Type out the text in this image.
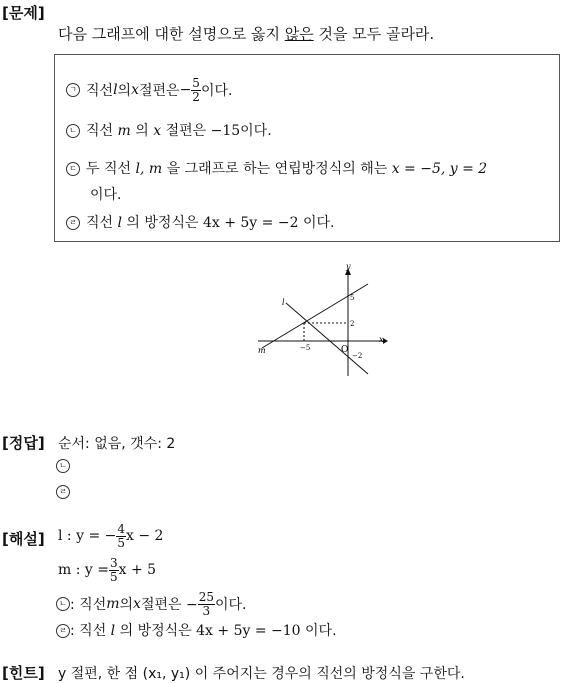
[문제]
다음 그래프에 대한 설명으로 옳지 않은 것을 모두 골라라.
ㄱ 직선 l 의 x 절편은 − $\frac{5}{2}$ 이다.
ㄴ 직선 m 의 x 절편은 −15이다.
ㄷ 두 직선 l, m 을 그래프로 하는 연립방정식의 해는 x = −5, y = 2
이다.
ㄹ 직선 l 의 방정식은 4x + 5y = −2 이다.
y
x
O
l
m
5
2
−5
−2
[정답] 순서: 없음, 갯수: 2
ㄴ
ㄹ
[해설] l : y = − $\frac{4}{5}$ x − 2
m : $y = \frac{3}{5}$ x + 5
ㄴ : 직선 m 의 x 절편은 − $\frac{25}{3}$ 이다.
ㄹ : 직선 l 의 방정식은 4x + 5y = −10 이다.
[힌트] y 절편, 한 점 (x₁, y₁) 이 주어지는 경우의 직선의 방정식을 구한다.
